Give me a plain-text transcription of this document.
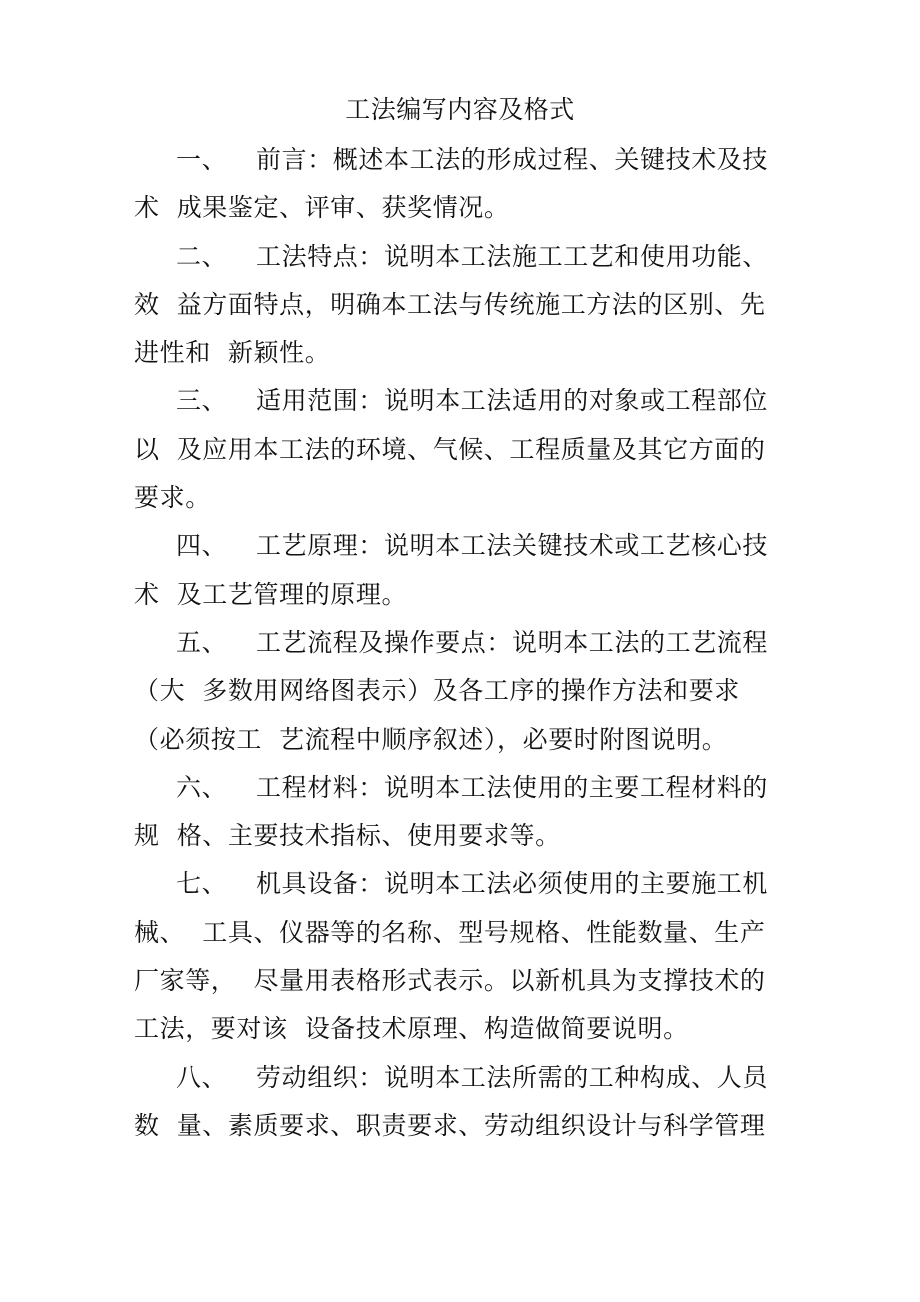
工法编写内容及格式
一、 前言：概述本工法的形成过程、关键技术及技
术  成果鉴定、评审、获奖情况。
二、 工法特点：说明本工法施工工艺和使用功能、
效  益方面特点，明确本工法与传统施工方法的区别、先
进性和  新颖性。
三、 适用范围：说明本工法适用的对象或工程部位
以  及应用本工法的环境、气候、工程质量及其它方面的
要求。
四、 工艺原理：说明本工法关键技术或工艺核心技
术  及工艺管理的原理。
五、 工艺流程及操作要点：说明本工法的工艺流程
（大  多数用网络图表示）及各工序的操作方法和要求
（必须按工  艺流程中顺序叙述），必要时附图说明。
六、 工程材料：说明本工法使用的主要工程材料的
规  格、主要技术指标、使用要求等。
七、 机具设备：说明本工法必须使用的主要施工机
械、  工具、仪器等的名称、型号规格、性能数量、生产
厂家等，  尽量用表格形式表示。以新机具为支撑技术的
工法，要对该  设备技术原理、构造做简要说明。
八、 劳动组织：说明本工法所需的工种构成、人员
数  量、素质要求、职责要求、劳动组织设计与科学管理
